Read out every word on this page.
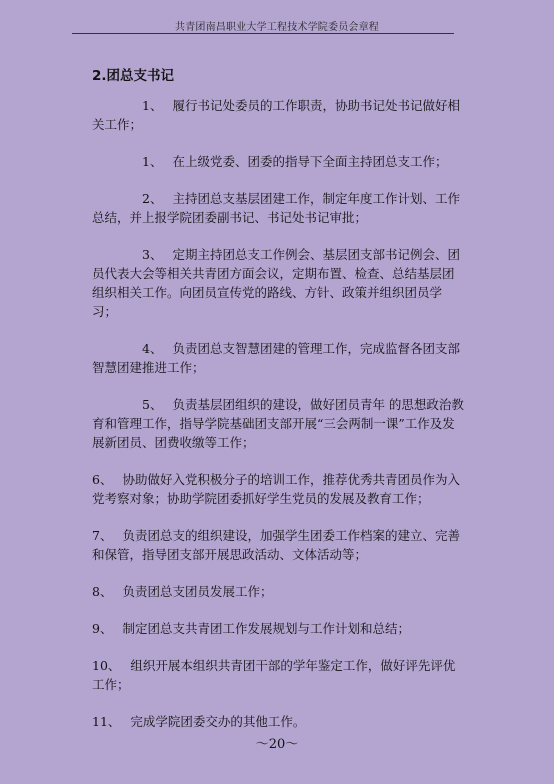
共青团南昌职业大学工程技术学院委员会章程
2.团总支书记
1、 履行书记处委员的工作职责，协助书记处书记做好相关工作；
1、 在上级党委、团委的指导下全面主持团总支工作；
2、 主持团总支基层团建工作，制定年度工作计划、工作总结，并上报学院团委副书记、书记处书记审批；
3、 定期主持团总支工作例会、基层团支部书记例会、团员代表大会等相关共青团方面会议，定期布置、检查、总结基层团组织相关工作。向团员宣传党的路线、方针、政策并组织团员学习；
4、 负责团总支智慧团建的管理工作，完成监督各团支部智慧团建推进工作；
5、 负责基层团组织的建设，做好团员青年 的思想政治教育和管理工作，指导学院基础团支部开展“三会两制一课”工作及发展新团员、团费收缴等工作；
6、 协助做好入党积极分子的培训工作，推荐优秀共青团员作为入党考察对象；协助学院团委抓好学生党员的发展及教育工作；
7、 负责团总支的组织建设，加强学生团委工作档案的建立、完善和保管，指导团支部开展思政活动、文体活动等；
8、 负责团总支团员发展工作；
9、 制定团总支共青团工作发展规划与工作计划和总结；
10、 组织开展本组织共青团干部的学年鉴定工作，做好评先评优工作；
11、 完成学院团委交办的其他工作。
～20～
